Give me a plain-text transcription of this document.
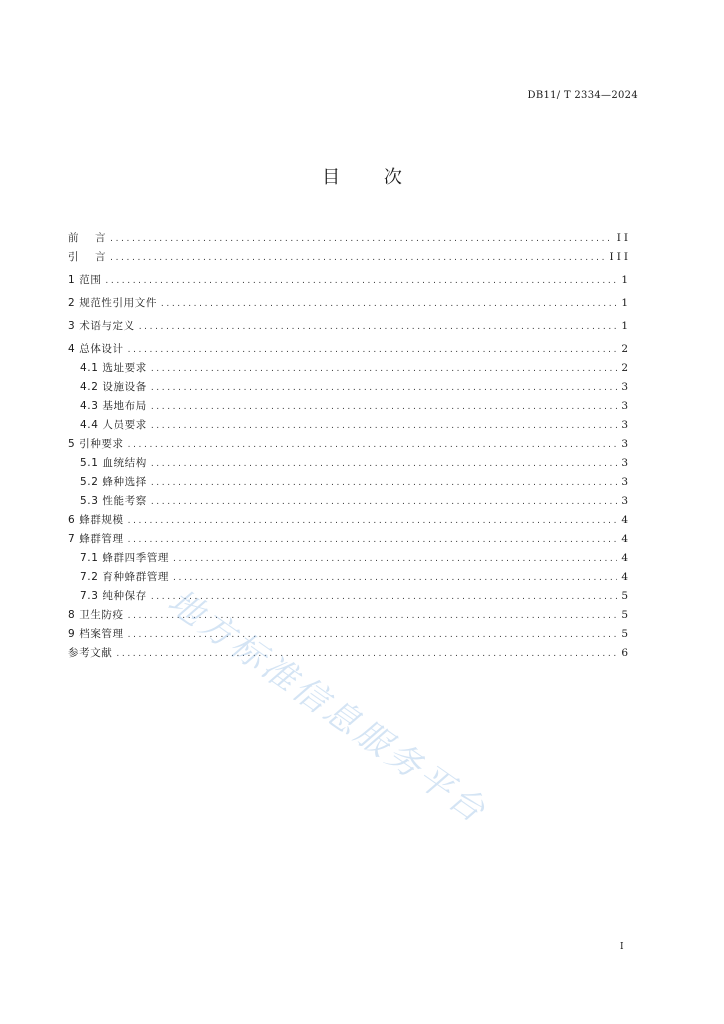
DB11/ T 2334—2024
目 次
前 言 .....	II
引 言 .....	III
1 范围 .....	1
2 规范性引用文件 .....	1
3 术语与定义 .....	1
4 总体设计 .....	2
4.1 选址要求 .....	2
4.2 设施设备 .....	3
4.3 基地布局 .....	3
4.4 人员要求 .....	3
5 引种要求 .....	3
5.1 血统结构 .....	3
5.2 蜂种选择 .....	3
5.3 性能考察 .....	3
6 蜂群规模 .....	4
7 蜂群管理 .....	4
7.1 蜂群四季管理 .....	4
7.2 育种蜂群管理 .....	4
7.3 纯种保存 .....	5
8 卫生防疫 .....	5
9 档案管理 .....	5
参考文献 .....	6
地方标准信息服务平台
I
